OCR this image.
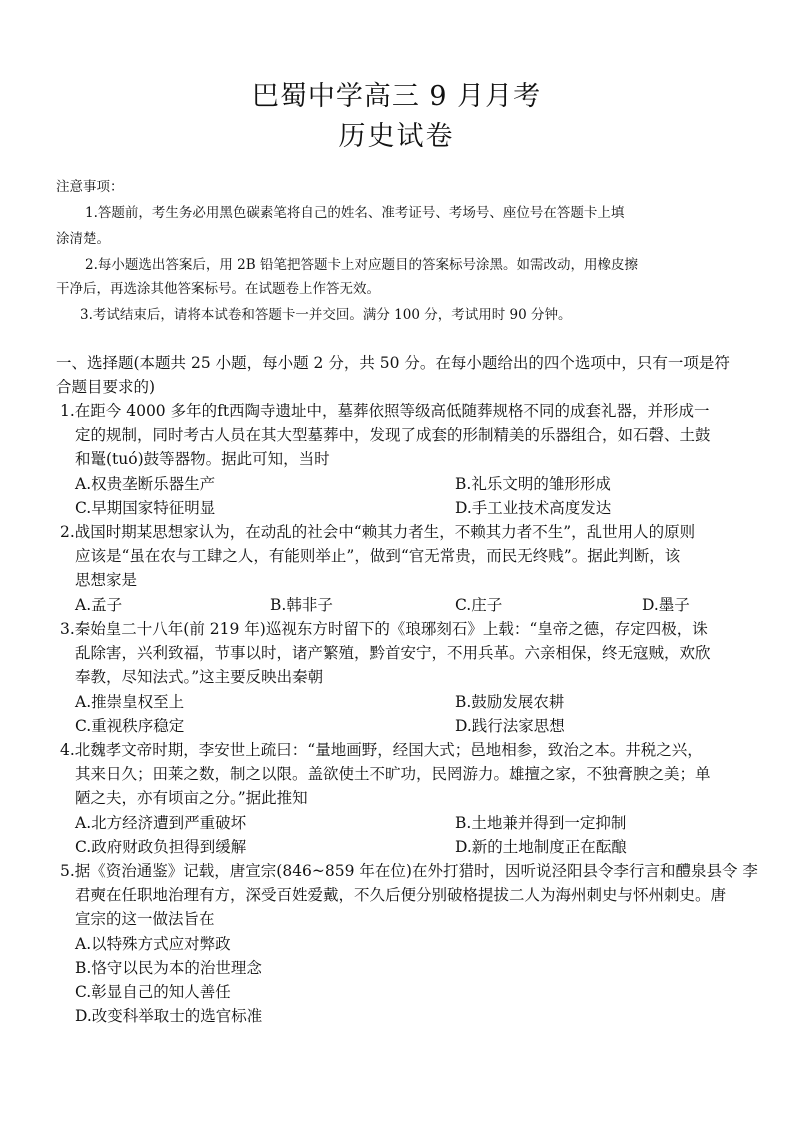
巴蜀中学高三 9 月月考
历史试卷
注意事项：
1.答题前，考生务必用黑色碳素笔将自己的姓名、准考证号、考场号、座位号在答题卡上填
涂清楚。
2.每小题选出答案后，用 2B 铅笔把答题卡上对应题目的答案标号涂黑。如需改动，用橡皮擦
干净后，再选涂其他答案标号。在试题卷上作答无效。
3.考试结束后，请将本试卷和答题卡一并交回。满分 100 分，考试用时 90 分钟。
一、选择题(本题共 25 小题，每小题 2 分，共 50 分。在每小题给出的四个选项中，只有一项是符
合题目要求的)
1.在距今 4000 多年的ft西陶寺遗址中，墓葬依照等级高低随葬规格不同的成套礼器，并形成一
定的规制，同时考古人员在其大型墓葬中，发现了成套的形制精美的乐器组合，如石磬、土鼓
和鼍(tuó)鼓等器物。据此可知，当时
A.权贵垄断乐器生产	B.礼乐文明的雏形形成
C.早期国家特征明显	D.手工业技术高度发达
2.战国时期某思想家认为，在动乱的社会中“赖其力者生，不赖其力者不生”，乱世用人的原则
应该是“虽在农与工肆之人，有能则举止”，做到“官无常贵，而民无终贱”。据此判断，该
思想家是
A.孟子	B.韩非子	C.庄子	D.墨子
3.秦始皇二十八年(前 219 年)巡视东方时留下的《琅琊刻石》上载：“皇帝之德，存定四极，诛
乱除害，兴利致福，节事以时，诸产繁殖，黔首安宁，不用兵革。六亲相保，终无寇贼，欢欣
奉教，尽知法式。”这主要反映出秦朝
A.推崇皇权至上	B.鼓励发展农耕
C.重视秩序稳定	D.践行法家思想
4.北魏孝文帝时期，李安世上疏曰：“量地画野，经国大式；邑地相参，致治之本。井税之兴，
其来日久；田莱之数，制之以限。盖欲使土不旷功，民罔游力。雄擅之家，不独膏腴之美；单
陋之夫，亦有顷亩之分。”据此推知
A.北方经济遭到严重破坏	B.土地兼并得到一定抑制
C.政府财政负担得到缓解	D.新的土地制度正在酝酿
5.据《资治通鉴》记载，唐宣宗(846~859 年在位)在外打猎时，因听说泾阳县令李行言和醴泉县令 李
君奭在任职地治理有方，深受百姓爱戴，不久后便分别破格提拔二人为海州刺史与怀州刺史。唐
宣宗的这一做法旨在
A.以特殊方式应对弊政
B.恪守以民为本的治世理念
C.彰显自己的知人善任
D.改变科举取士的选官标准
